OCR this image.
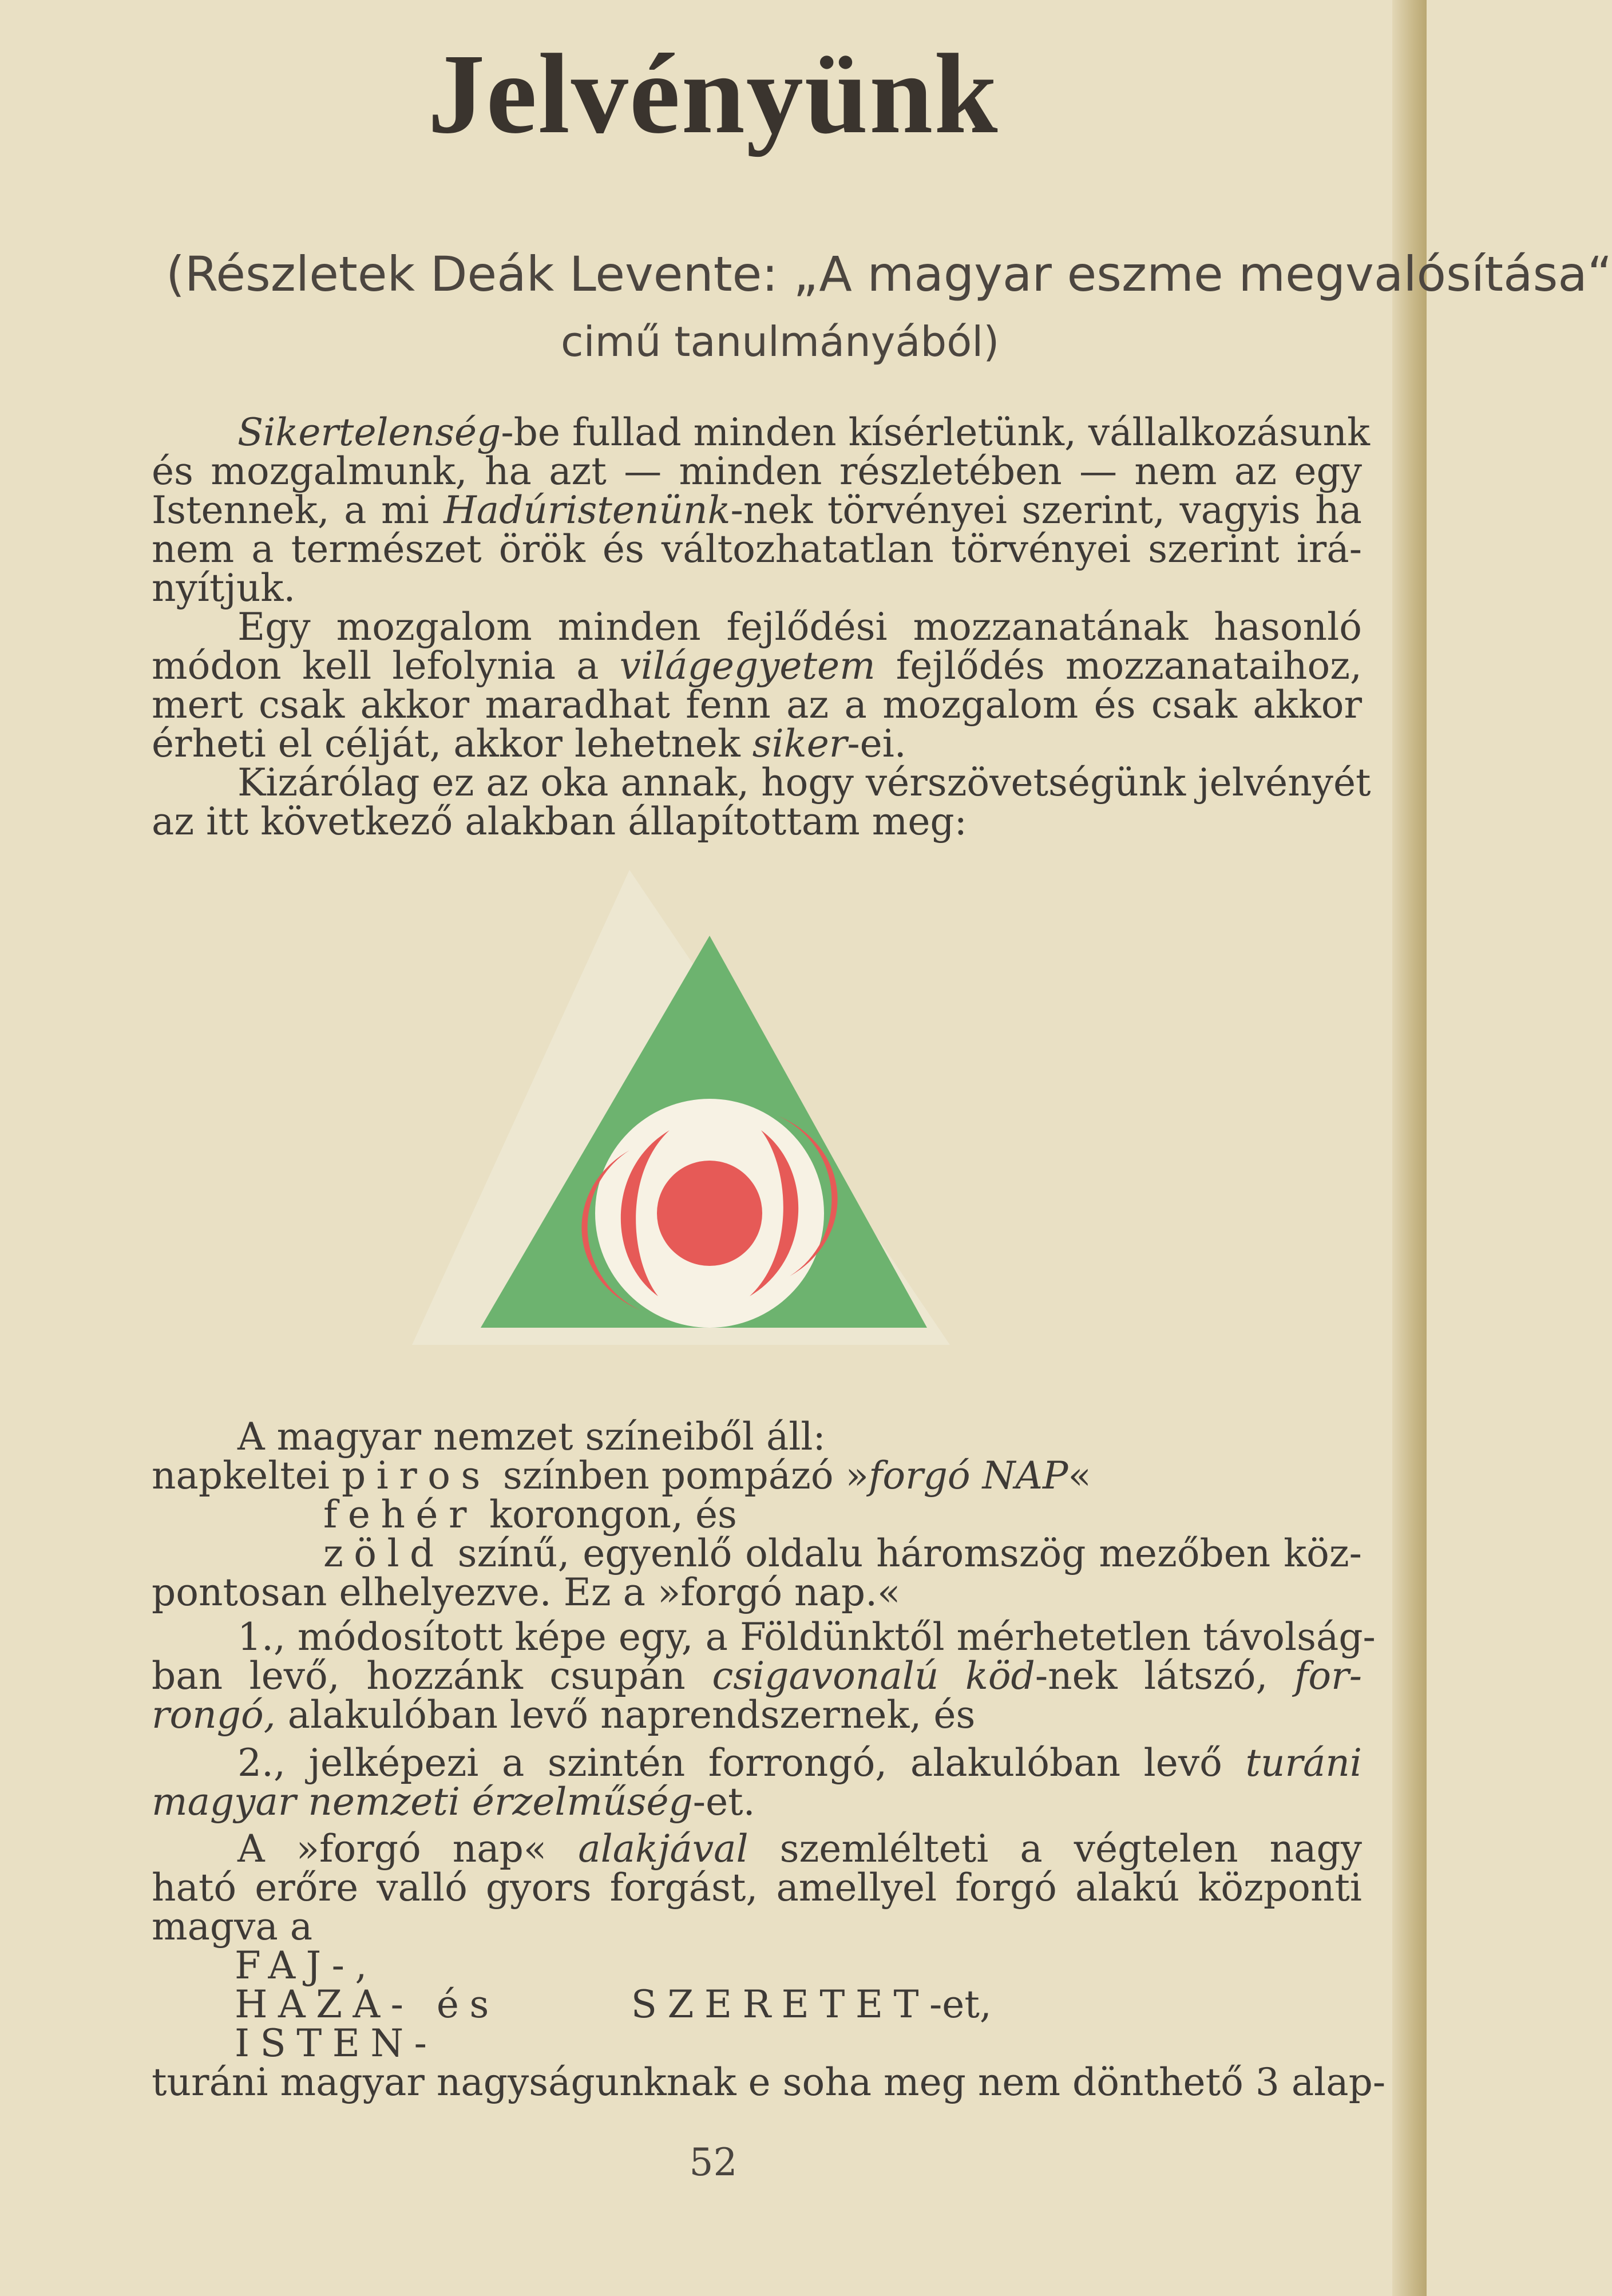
Jelvényünk
(Részletek Deák Levente: „A magyar eszme megvalósítása“
cimű tanulmányából)
Sikertelenség-be fullad minden kísérletünk, vállalkozásunk
és mozgalmunk, ha azt — minden részletében — nem az egy
Istennek, a mi Hadúristenünk-nek törvényei szerint, vagyis ha
nem a természet örök és változhatatlan törvényei szerint irá-
nyítjuk.
Egy mozgalom minden fejlődési mozzanatának hasonló
módon kell lefolynia a világegyetem fejlődés mozzanataihoz,
mert csak akkor maradhat fenn az a mozgalom és csak akkor
érheti el célját, akkor lehetnek siker-ei.
Kizárólag ez az oka annak, hogy vérszövetségünk jelvényét
az itt következő alakban állapítottam meg:
A magyar nemzet színeiből áll:
napkeltei piros színben pompázó »forgó NAP«
fehér korongon, és
zöld színű, egyenlő oldalu háromszög mezőben köz-
pontosan elhelyezve. Ez a »forgó nap.«
1., módosított képe egy, a Földünktől mérhetetlen távolság-
ban levő, hozzánk csupán csigavonalú köd-nek látszó, for-
rongó, alakulóban levő naprendszernek, és
2., jelképezi a szintén forrongó, alakulóban levő turáni
magyar nemzeti érzelműség-et.
A »forgó nap« alakjával szemlélteti a végtelen nagy
ható erőre valló gyors forgást, amellyel forgó alakú központi
magva a
FAJ-,
HAZA- és	SZERETET-et,
ISTEN-
turáni magyar nagyságunknak e soha meg nem dönthető 3 alap-
52
